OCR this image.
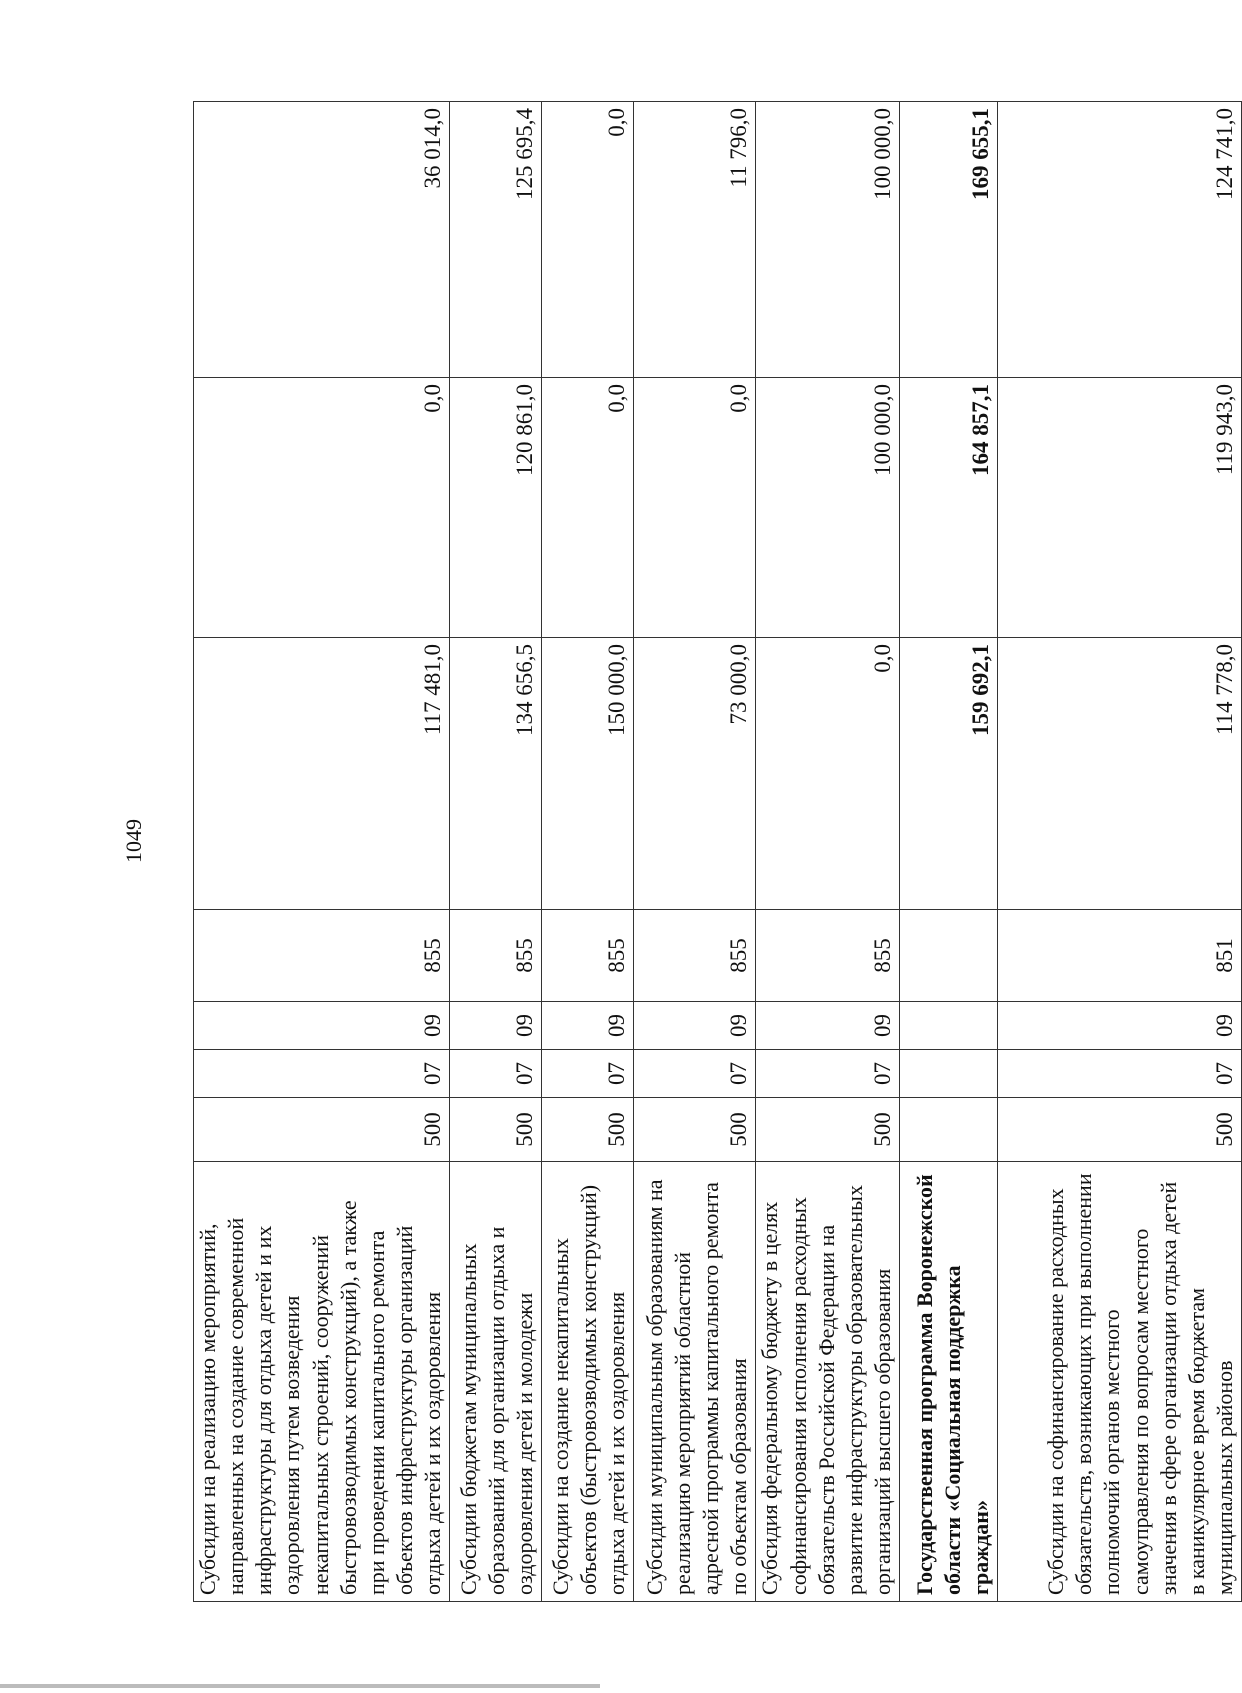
1049
Субсидии на реализацию мероприятий, направленных на создание современной инфраструктуры для отдыха детей и их оздоровления путем возведения некапитальных строений, сооружений быстровозводимых конструкций), а также при проведении капитального ремонта объектов инфраструктуры организаций отдыха детей и их оздоровления	500	07	09	855	117 481,0	0,0	36 014,0
Субсидии бюджетам муниципальных образований для организации отдыха и оздоровления детей и молодежи	500	07	09	855	134 656,5	120 861,0	125 695,4
Субсидии на создание некапитальных объектов (быстровозводимых конструкций) отдыха детей и их оздоровления	500	07	09	855	150 000,0	0,0	0,0
Субсидии муниципальным образованиям на реализацию мероприятий областной адресной программы капитального ремонта по объектам образования	500	07	09	855	73 000,0	0,0	11 796,0
Субсидия федеральному бюджету в целях софинансирования исполнения расходных обязательств Российской Федерации на развитие инфраструктуры образовательных организаций высшего образования	500	07	09	855	0,0	100 000,0	100 000,0
Государственная программа Воронежской области «Социальная поддержка граждан»					159 692,1	164 857,1	169 655,1
Субсидии на софинансирование расходных обязательств, возникающих при выполнении полномочий органов местного самоуправления по вопросам местного значения в сфере организации отдыха детей в каникулярное время бюджетам муниципальных районов	500	07	09	851	114 778,0	119 943,0	124 741,0
